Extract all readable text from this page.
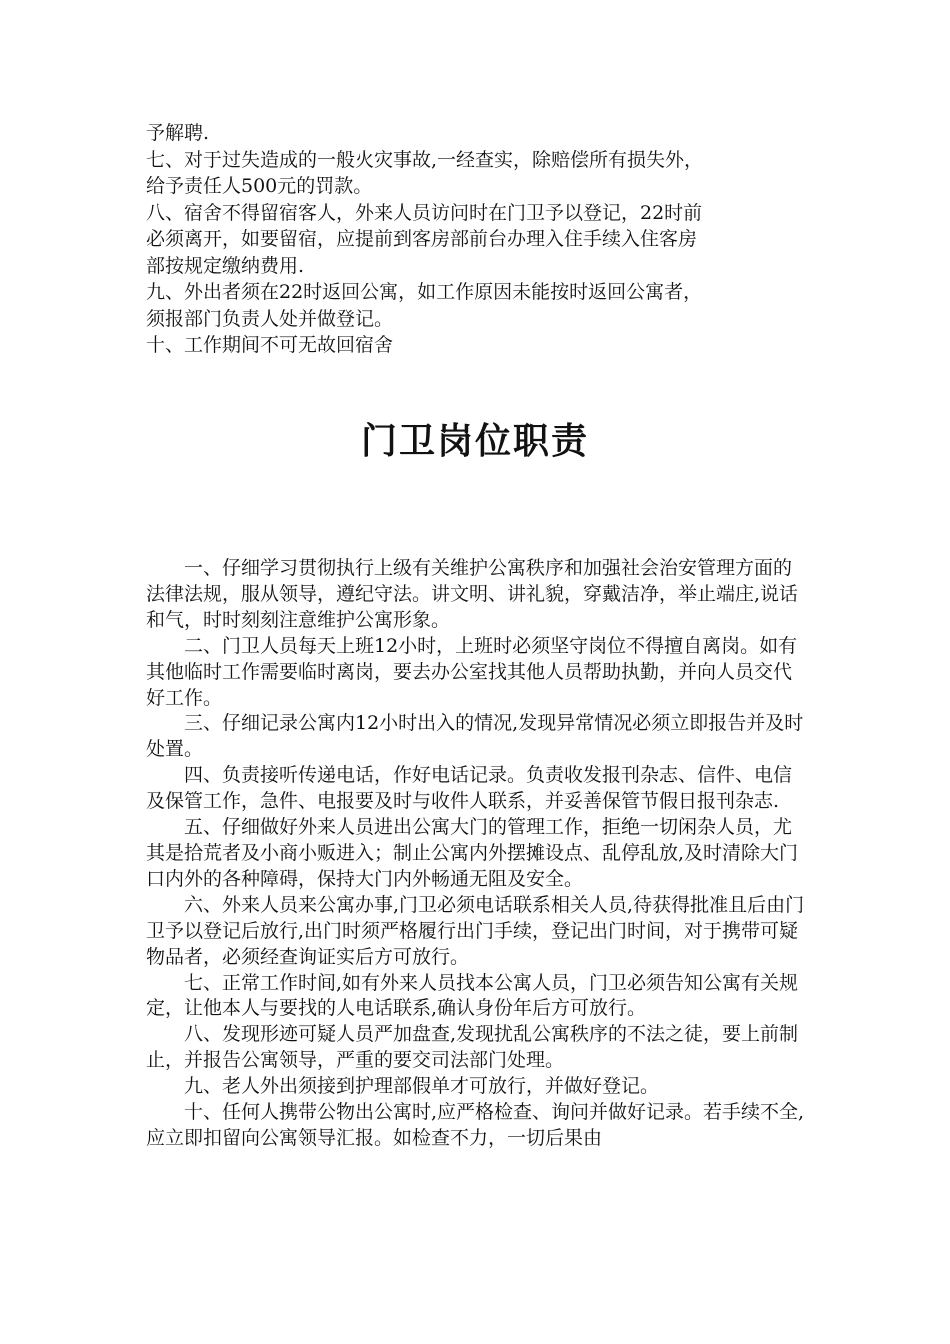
予解聘.

七、对于过失造成的一般火灾事故,一经查实，除赔偿所有损失外，

给予责任人500元的罚款。

八、宿舍不得留宿客人，外来人员访问时在门卫予以登记，22时前

必须离开，如要留宿，应提前到客房部前台办理入住手续入住客房

部按规定缴纳费用.

九、外出者须在22时返回公寓，如工作原因未能按时返回公寓者，

须报部门负责人处并做登记。

十、工作期间不可无故回宿舍

门卫岗位职责

一、仔细学习贯彻执行上级有关维护公寓秩序和加强社会治安管理方面的法律法规，服从领导，遵纪守法。讲文明、讲礼貌，穿戴洁净，举止端庄,说话和气，时时刻刻注意维护公寓形象。

二、门卫人员每天上班12小时，上班时必须坚守岗位不得擅自离岗。如有其他临时工作需要临时离岗，要去办公室找其他人员帮助执勤，并向人员交代好工作。

三、仔细记录公寓内12小时出入的情况,发现异常情况必须立即报告并及时处置。

四、负责接听传递电话，作好电话记录。负责收发报刊杂志、信件、电信及保管工作，急件、电报要及时与收件人联系，并妥善保管节假日报刊杂志.

五、仔细做好外来人员进出公寓大门的管理工作，拒绝一切闲杂人员，尤其是拾荒者及小商小贩进入；制止公寓内外摆摊设点、乱停乱放,及时清除大门口内外的各种障碍，保持大门内外畅通无阻及安全。

六、外来人员来公寓办事,门卫必须电话联系相关人员,待获得批准且后由门卫予以登记后放行,出门时须严格履行出门手续，登记出门时间，对于携带可疑物品者，必须经查询证实后方可放行。

七、正常工作时间,如有外来人员找本公寓人员，门卫必须告知公寓有关规定，让他本人与要找的人电话联系,确认身份年后方可放行。

八、发现形迹可疑人员严加盘查,发现扰乱公寓秩序的不法之徒，要上前制止，并报告公寓领导，严重的要交司法部门处理。

九、老人外出须接到护理部假单才可放行，并做好登记。

十、任何人携带公物出公寓时,应严格检查、询问并做好记录。若手续不全,应立即扣留向公寓领导汇报。如检查不力，一切后果由
